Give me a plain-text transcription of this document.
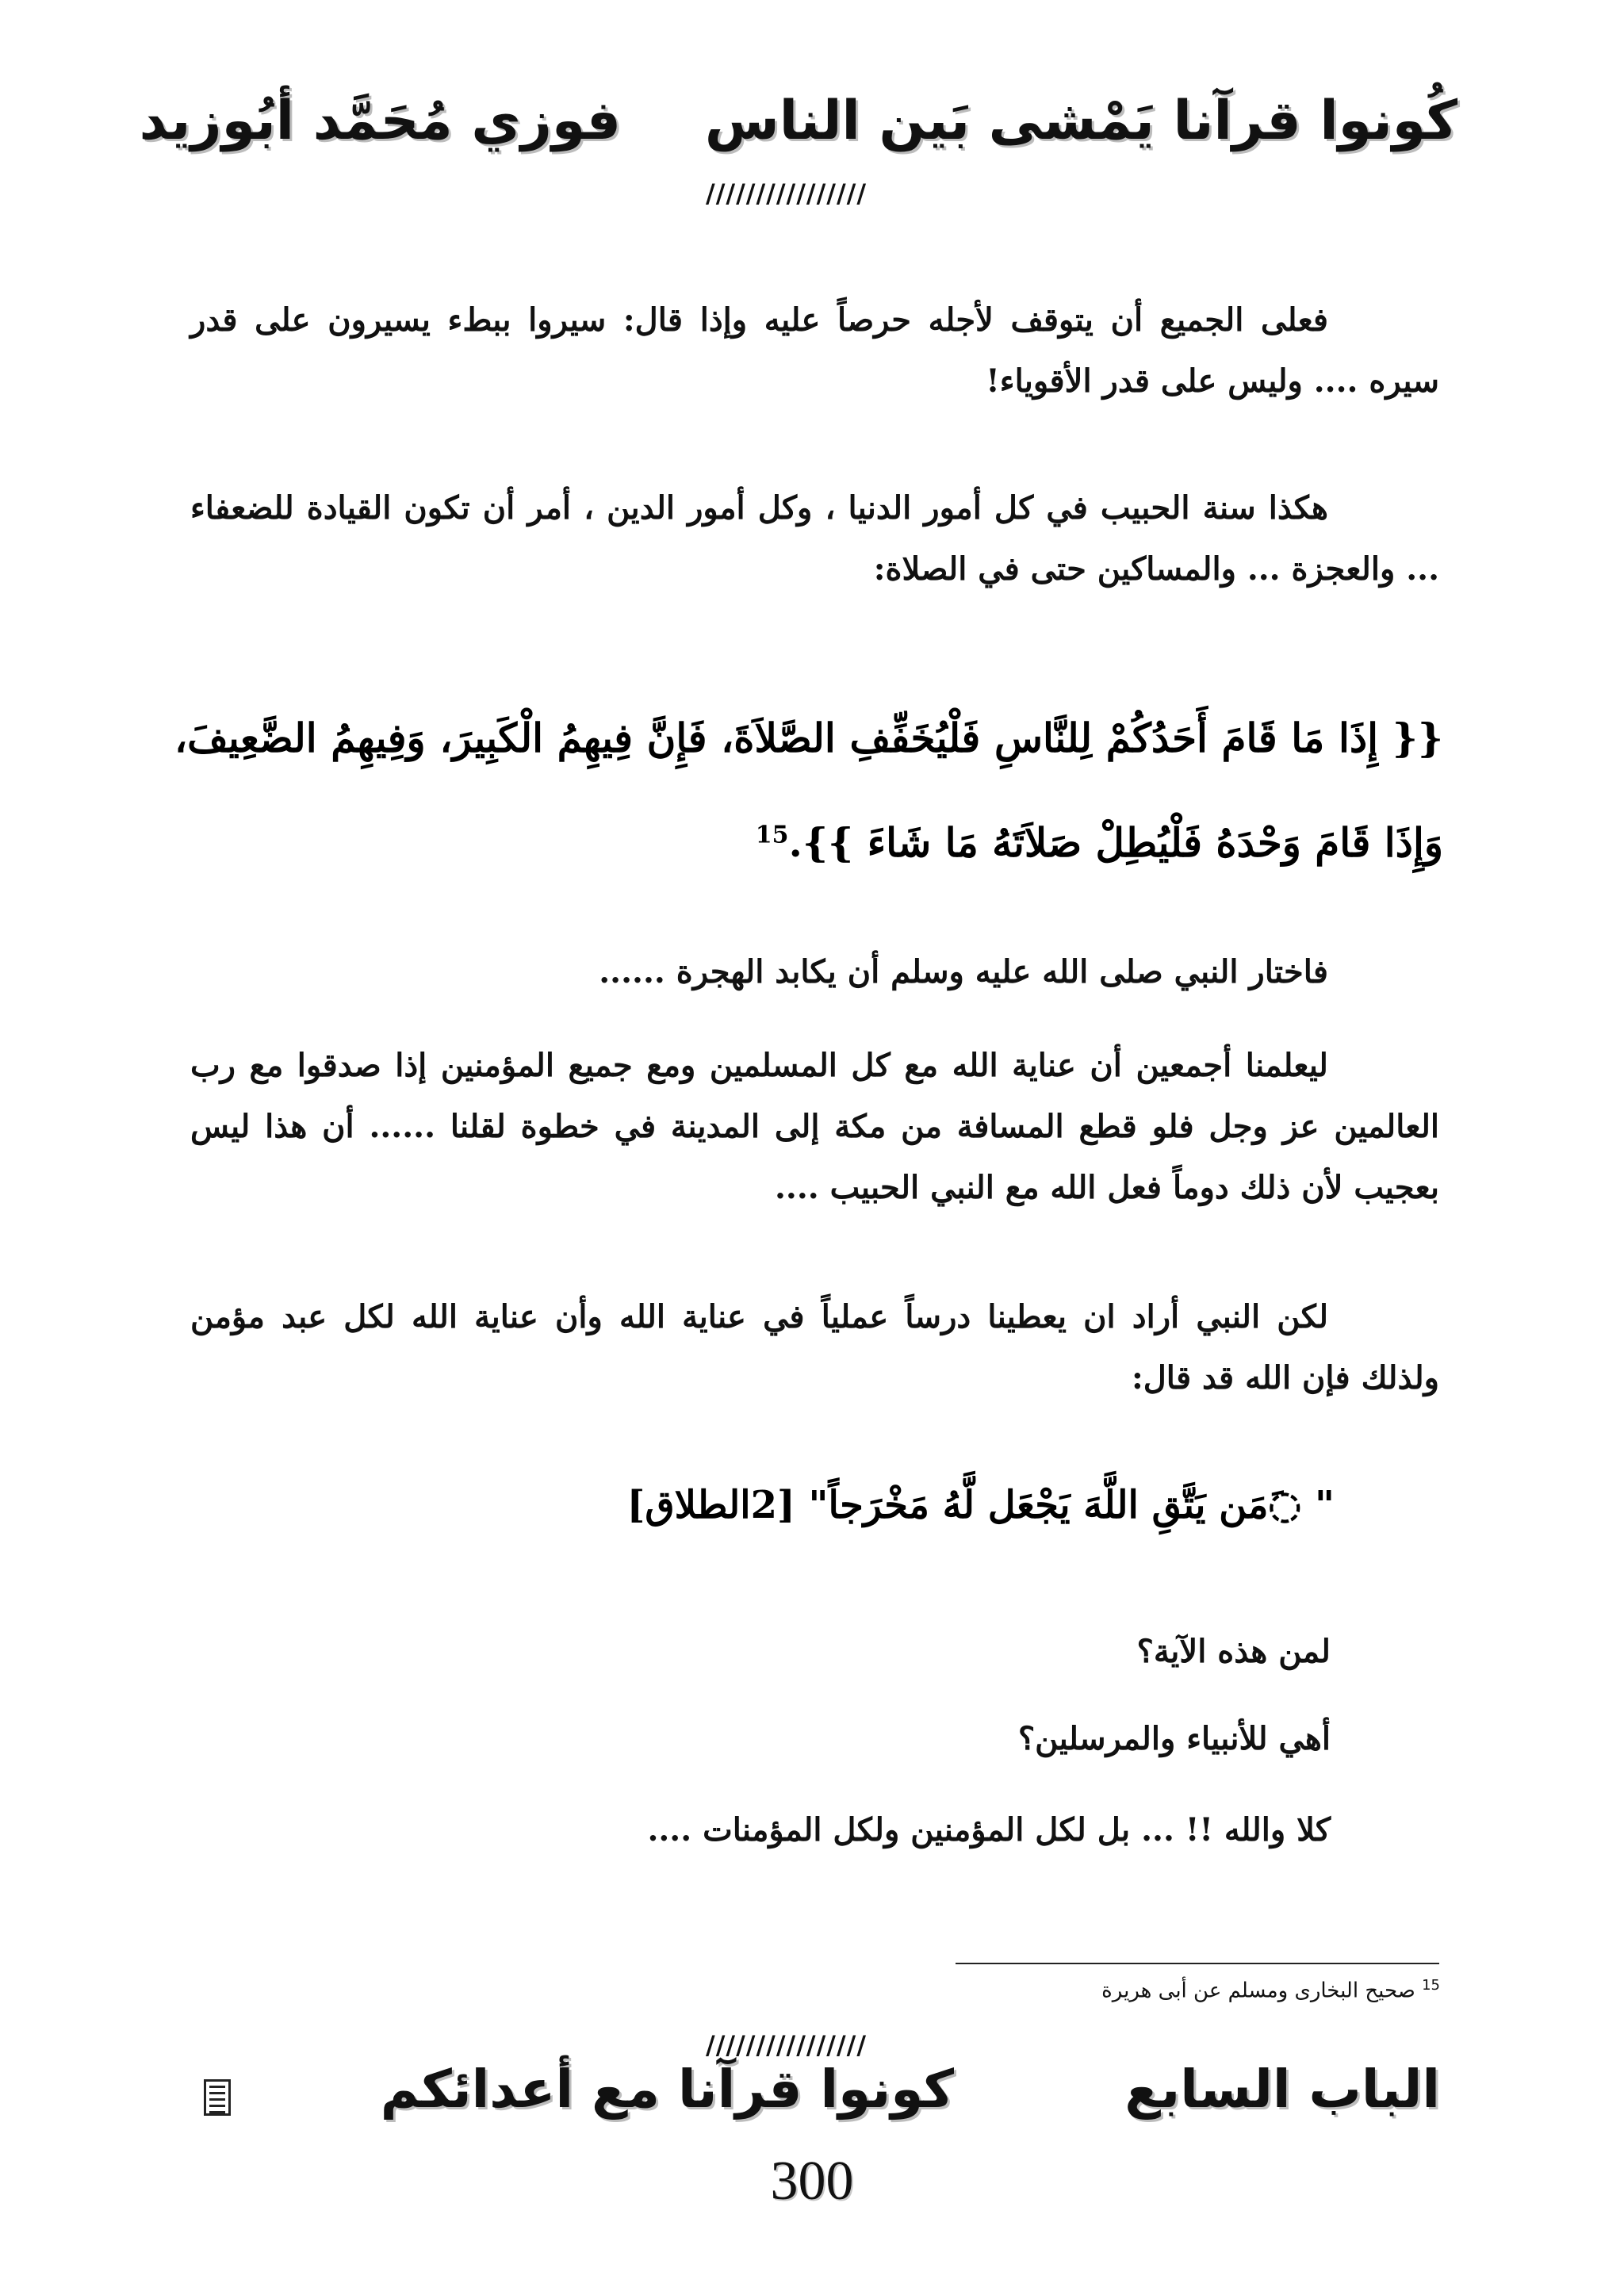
كُونوا قرآنا يَمْشى بَين الناس
فوزي مُحَمَّد أبُوزيد
////////////////

فعلى الجميع أن يتوقف لأجله حرصاً عليه وإذا قال: سيروا ببطء يسيرون على قدر سيره .... وليس على قدر الأقوياء!

هكذا سنة الحبيب في كل أمور الدنيا ، وكل أمور الدين ، أمر أن تكون القيادة للضعفاء ... والعجزة ... والمساكين حتى في الصلاة:

{{ إِذَا مَا قَامَ أَحَدُكُمْ لِلنَّاسِ فَلْيُخَفِّفِ الصَّلاَةَ، فَإِنَّ فِيهِمُ الْكَبِيرَ، وَفِيهِمُ الضَّعِيفَ، وَإِذَا قَامَ وَحْدَهُ فَلْيُطِلْ صَلاَتَهُ مَا شَاءَ }}.$^{15}$

فاختار النبي صلى الله عليه وسلم أن يكابد الهجرة ......

ليعلمنا أجمعين أن عناية الله مع كل المسلمين ومع جميع المؤمنين إذا صدقوا مع رب العالمين عز وجل فلو قطع المسافة من مكة إلى المدينة في خطوة لقلنا ...... أن هذا ليس بعجيب لأن ذلك دوماً فعل الله مع النبي الحبيب ....

لكن النبي أراد ان يعطينا درساً عملياً في عناية الله وأن عناية الله لكل عبد مؤمن ولذلك فإن الله قد قال:

" ◌َمَن يَتَّقِ اللَّهَ يَجْعَل لَّهُ مَخْرَجاً" [2الطلاق]
لمن هذه الآية؟
أهي للأنبياء والمرسلين؟
كلا والله !! ... بل لكل المؤمنين ولكل المؤمنات ....
$^{15}$ صحيح البخارى ومسلم عن أبى هريرة
////////////////
الباب السابع
كونوا قرآنا مع أعدائكم
300
